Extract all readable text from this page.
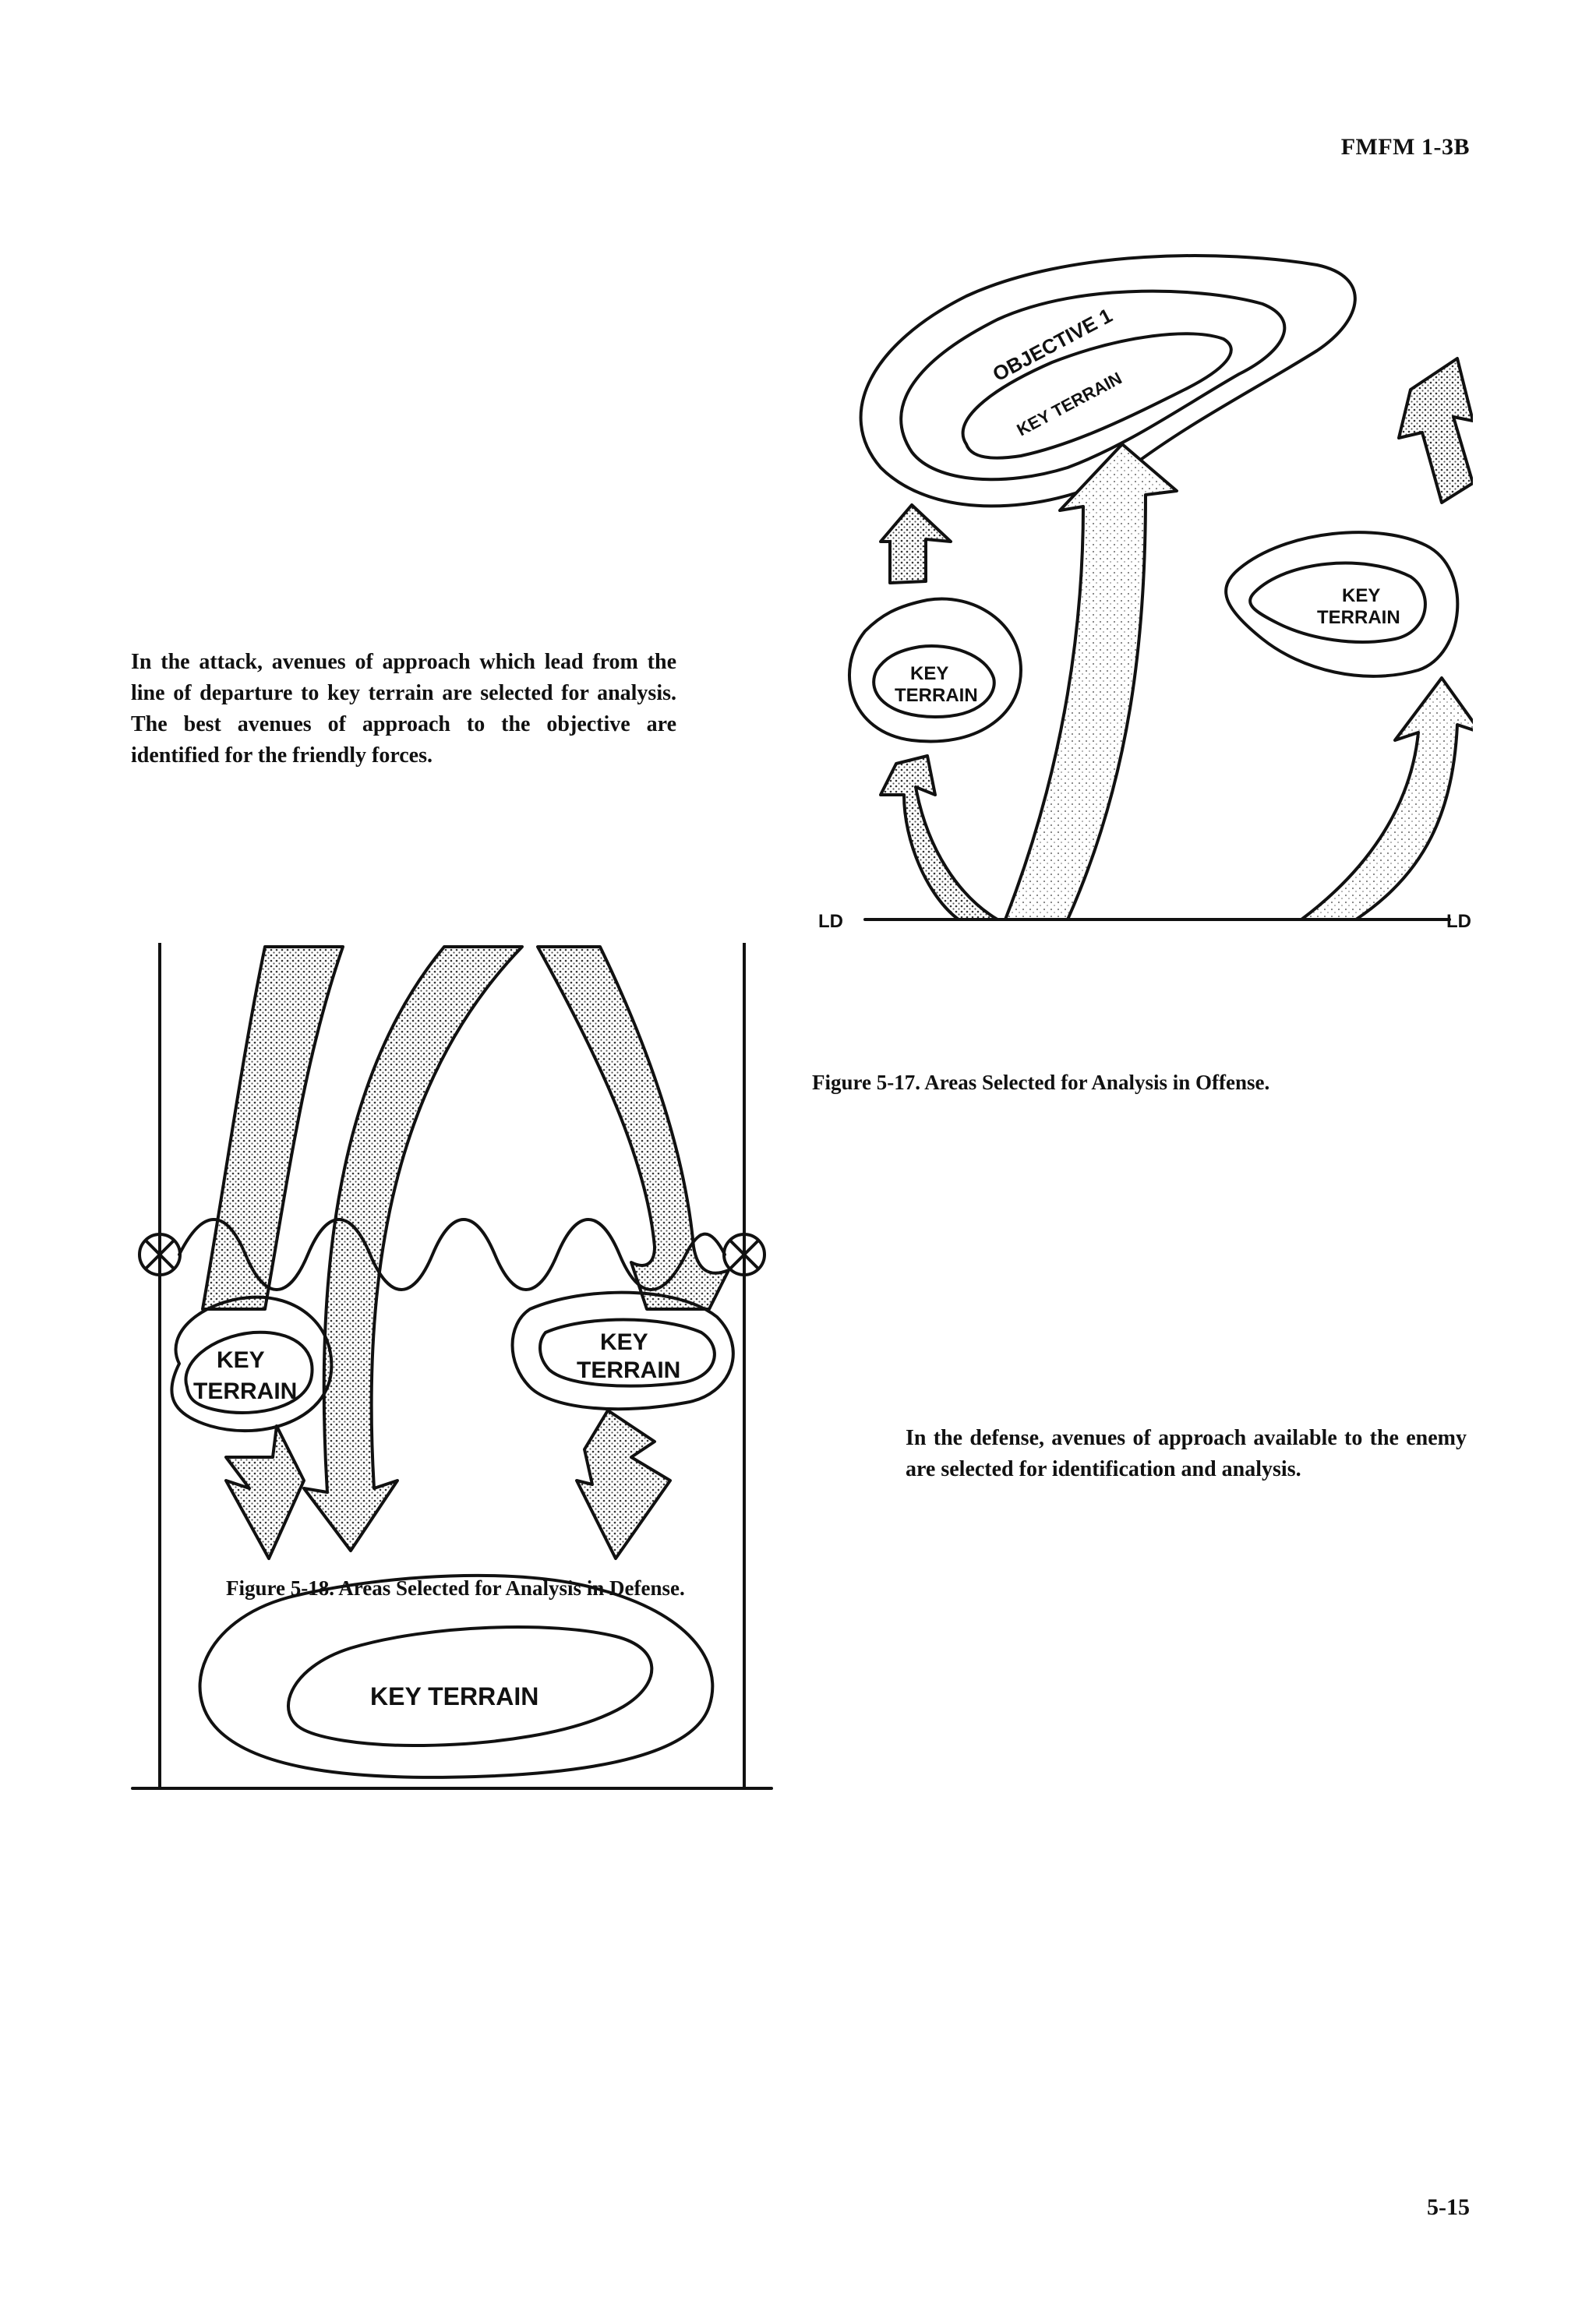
FMFM 1-3B
In the attack, avenues of approach which lead from the line of departure to key terrain are selected for analysis. The best avenues of approach to the objective are identified for the friendly forces.
OBJECTIVE 1
KEY TERRAIN
KEY
TERRAIN
KEY
TERRAIN
LD	LD
Figure 5-17. Areas Selected for Analysis in Offense.
KEY
TERRAIN
KEY
TERRAIN
KEY TERRAIN
Figure 5-18. Areas Selected for Analysis in Defense.
In the defense, avenues of approach available to the enemy are selected for identification and analysis.
5-15
